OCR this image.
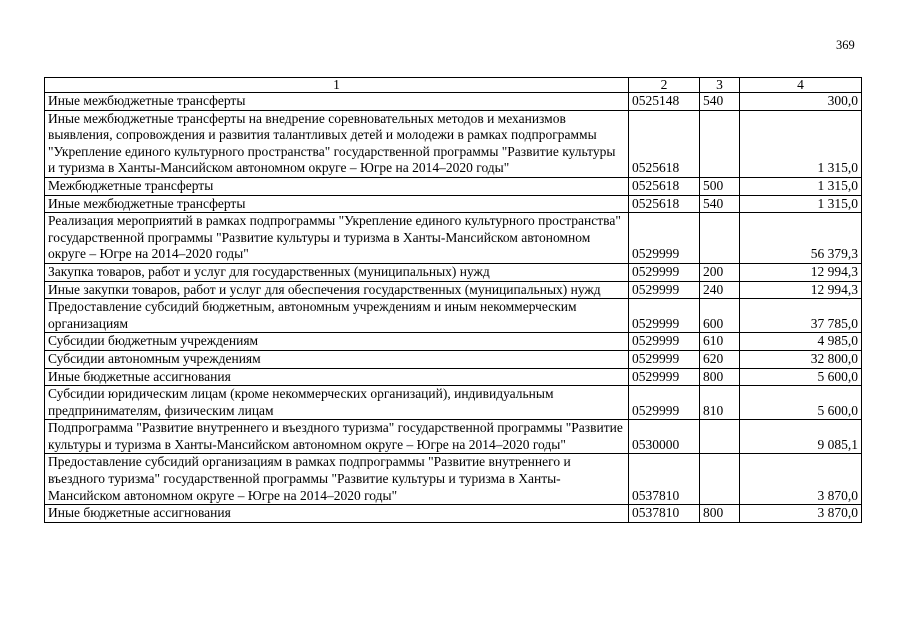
369
1	2	3	4
Иные межбюджетные трансферты	0525148	540	300,0
Иные межбюджетные трансферты на внедрение соревновательных методов и механизмов выявления, сопровождения и развития талантливых детей и молодежи в рамках подпрограммы "Укрепление единого культурного пространства" государственной программы "Развитие культуры и туризма в Ханты-Мансийском автономном округе – Югре на 2014–2020 годы"	0525618		1 315,0
Межбюджетные трансферты	0525618	500	1 315,0
Иные межбюджетные трансферты	0525618	540	1 315,0
Реализация мероприятий в рамках подпрограммы "Укрепление единого культурного пространства" государственной программы "Развитие культуры и туризма в Ханты-Мансийском автономном округе – Югре на 2014–2020 годы"	0529999		56 379,3
Закупка товаров, работ и услуг для государственных (муниципальных) нужд	0529999	200	12 994,3
Иные закупки товаров, работ и услуг для обеспечения государственных (муниципальных) нужд	0529999	240	12 994,3
Предоставление субсидий бюджетным, автономным учреждениям и иным некоммерческим организациям	0529999	600	37 785,0
Субсидии бюджетным учреждениям	0529999	610	4 985,0
Субсидии автономным учреждениям	0529999	620	32 800,0
Иные бюджетные ассигнования	0529999	800	5 600,0
Субсидии юридическим лицам (кроме некоммерческих организаций), индивидуальным предпринимателям, физическим лицам	0529999	810	5 600,0
Подпрограмма "Развитие внутреннего и въездного туризма" государственной программы "Развитие культуры и туризма в Ханты-Мансийском автономном округе – Югре на 2014–2020 годы"	0530000		9 085,1
Предоставление субсидий организациям в рамках подпрограммы "Развитие внутреннего и въездного туризма" государственной программы "Развитие культуры и туризма в Ханты-Мансийском автономном округе – Югре на 2014–2020 годы"	0537810		3 870,0
Иные бюджетные ассигнования	0537810	800	3 870,0
